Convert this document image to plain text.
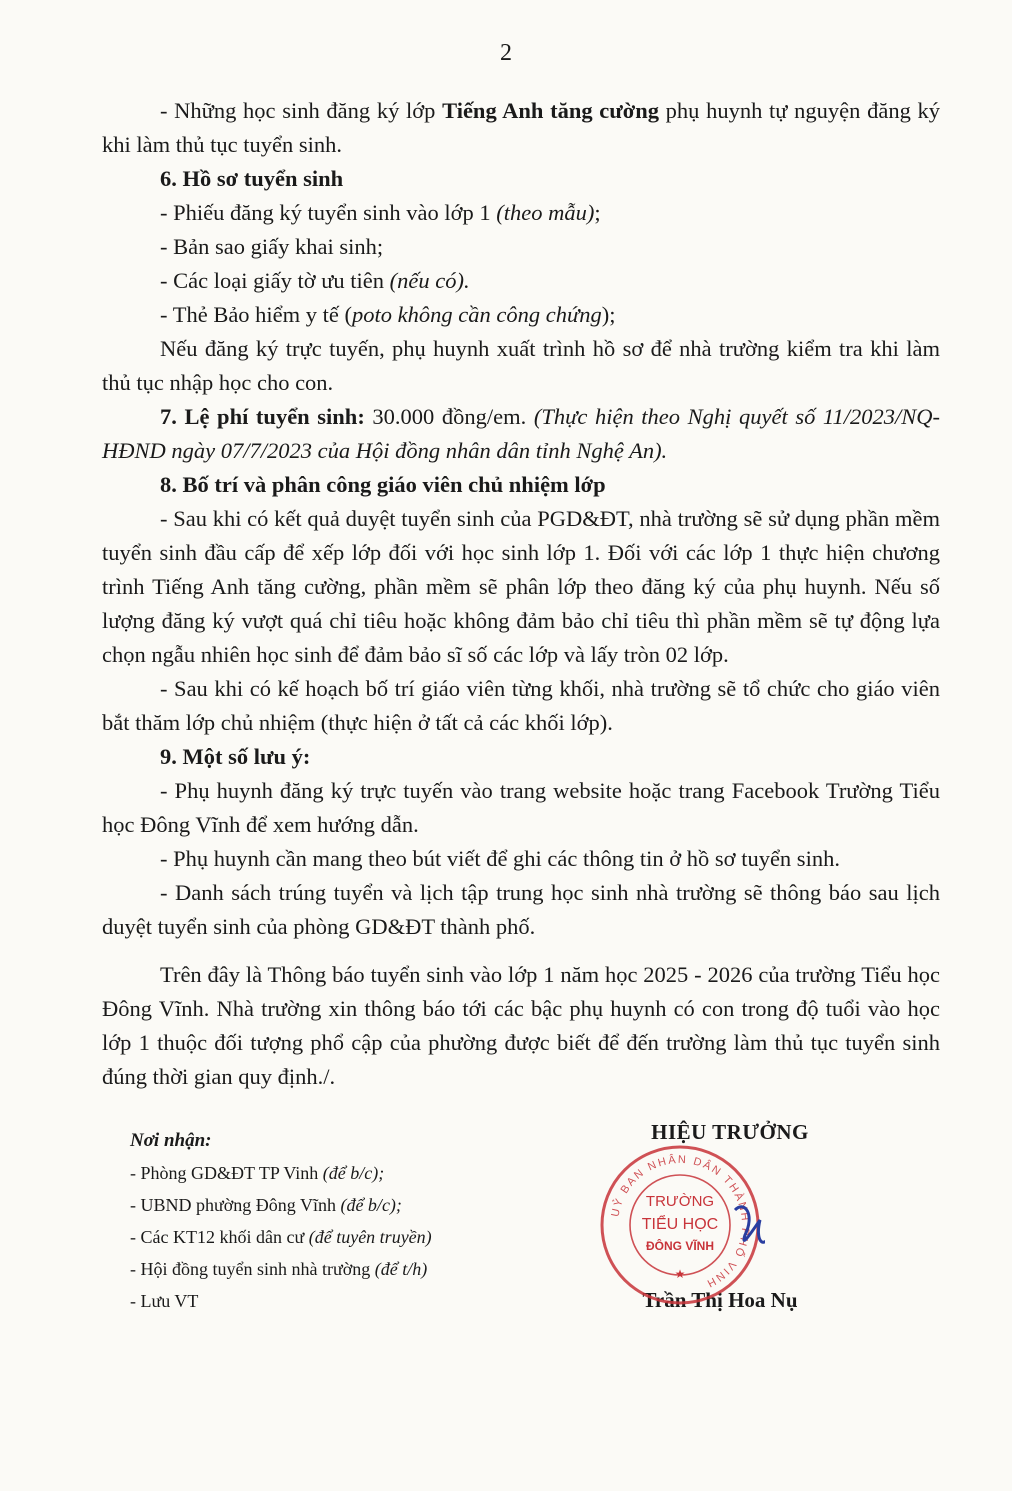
2

- Những học sinh đăng ký lớp Tiếng Anh tăng cường phụ huynh tự nguyện đăng ký khi làm thủ tục tuyển sinh.

6. Hồ sơ tuyển sinh

- Phiếu đăng ký tuyển sinh vào lớp 1 (theo mẫu);

- Bản sao giấy khai sinh;

- Các loại giấy tờ ưu tiên (nếu có).

- Thẻ Bảo hiểm y tế (poto không cần công chứng);

Nếu đăng ký trực tuyến, phụ huynh xuất trình hồ sơ để nhà trường kiểm tra khi làm thủ tục nhập học cho con.

7. Lệ phí tuyển sinh: 30.000 đồng/em. (Thực hiện theo Nghị quyết số 11/2023/NQ-HĐND ngày 07/7/2023 của Hội đồng nhân dân tỉnh Nghệ An).

8. Bố trí và phân công giáo viên chủ nhiệm lớp

- Sau khi có kết quả duyệt tuyển sinh của PGD&ĐT, nhà trường sẽ sử dụng phần mềm tuyển sinh đầu cấp để xếp lớp đối với học sinh lớp 1. Đối với các lớp 1 thực hiện chương trình Tiếng Anh tăng cường, phần mềm sẽ phân lớp theo đăng ký của phụ huynh. Nếu số lượng đăng ký vượt quá chỉ tiêu hoặc không đảm bảo chỉ tiêu thì phần mềm sẽ tự động lựa chọn ngẫu nhiên học sinh để đảm bảo sĩ số các lớp và lấy tròn 02 lớp.

- Sau khi có kế hoạch bố trí giáo viên từng khối, nhà trường sẽ tổ chức cho giáo viên bắt thăm lớp chủ nhiệm (thực hiện ở tất cả các khối lớp).

9. Một số lưu ý:

- Phụ huynh đăng ký trực tuyến vào trang website hoặc trang Facebook Trường Tiểu học Đông Vĩnh để xem hướng dẫn.

- Phụ huynh cần mang theo bút viết để ghi các thông tin ở hồ sơ tuyển sinh.

- Danh sách trúng tuyển và lịch tập trung học sinh nhà trường sẽ thông báo sau lịch duyệt tuyển sinh của phòng GD&ĐT thành phố.

Trên đây là Thông báo tuyển sinh vào lớp 1 năm học 2025 - 2026 của trường Tiểu học Đông Vĩnh. Nhà trường xin thông báo tới các bậc phụ huynh có con trong độ tuổi vào học lớp 1 thuộc đối tượng phổ cập của phường được biết để đến trường làm thủ tục tuyển sinh đúng thời gian quy định./.

Nơi nhận:
- Phòng GD&ĐT TP Vinh (để b/c);
- UBND phường Đông Vĩnh (để b/c);
- Các KT12 khối dân cư (để tuyên truyền)
- Hội đồng tuyển sinh nhà trường (để t/h)
- Lưu VT
HIỆU TRƯỞNG
Trần Thị Hoa Nụ
UỶ BAN NHÂN DÂN THÀNH PHỐ VINH
TRƯỜNG
TIỂU HỌC
ĐÔNG VĨNH
★
